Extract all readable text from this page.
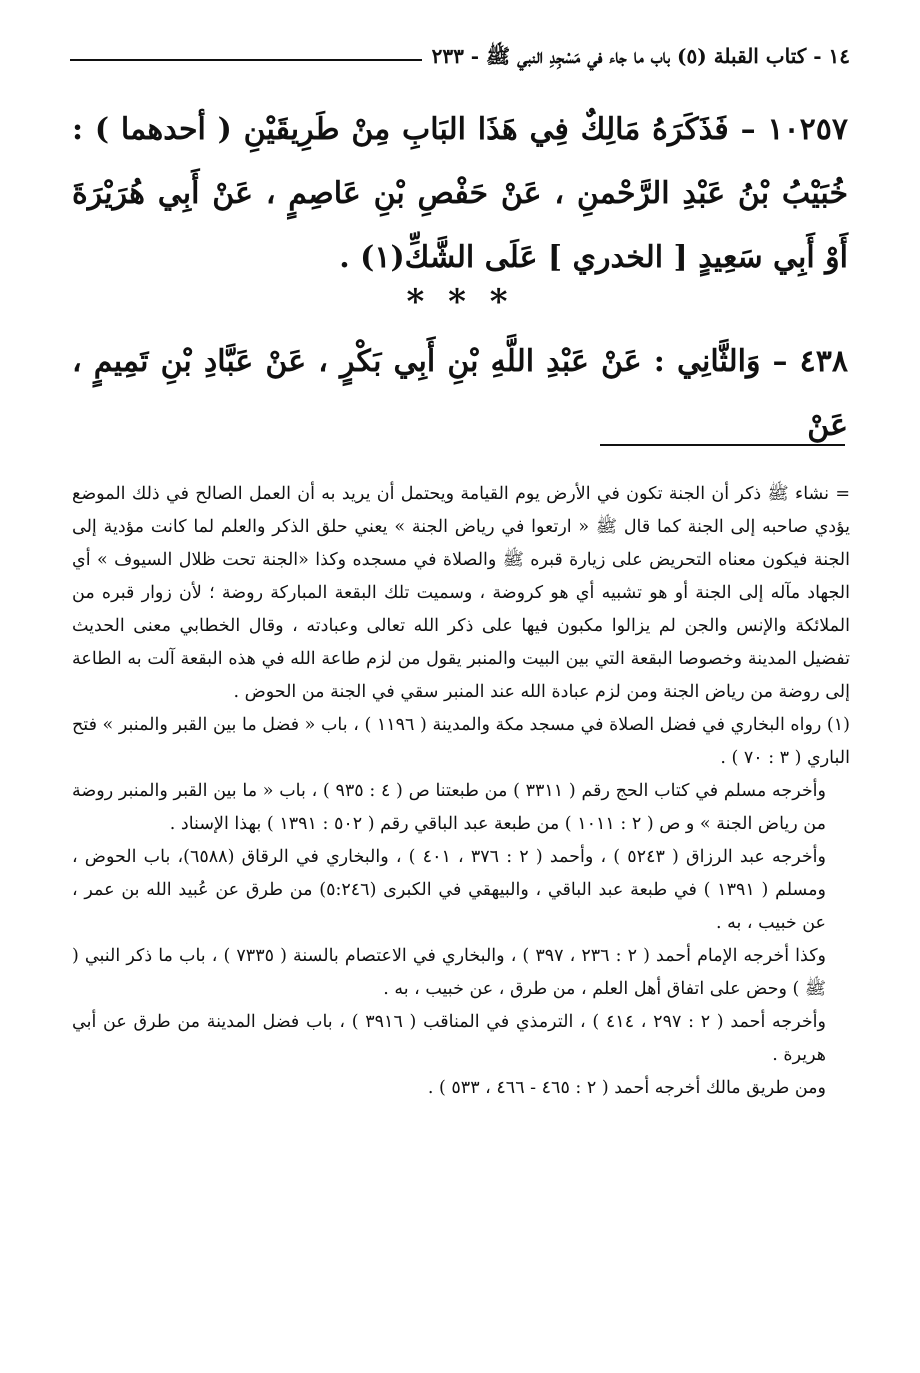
١٤ - كتاب القبلة (٥) باب ما جاء في مَسْجِدِ النبي ﷺ - ٢٣٣
١٠٢٥٧ – فَذَكَرَهُ مَالِكٌ فِي هَذَا البَابِ مِنْ طَرِيقَيْنِ ( أحدهما ) : خُبَيْبُ بْنُ عَبْدِ الرَّحْمنِ ، عَنْ حَفْصِ بْنِ عَاصِمٍ ، عَنْ أَبِي هُرَيْرَةَ أَوْ أَبِي سَعِيدٍ [ الخدري ] عَلَى الشَّكِّ(١) .
* * *
٤٣٨ – وَالثَّانِي : عَنْ عَبْدِ اللَّهِ بْنِ أَبِي بَكْرٍ ، عَنْ عَبَّادِ بْنِ تَمِيمٍ ، عَنْ

= نشاء ﷺ ذكر أن الجنة تكون في الأرض يوم القيامة ويحتمل أن يريد به أن العمل الصالح في ذلك الموضع يؤدي صاحبه إلى الجنة كما قال ﷺ « ارتعوا في رياض الجنة » يعني حلق الذكر والعلم لما كانت مؤدية إلى الجنة فيكون معناه التحريض على زيارة قبره ﷺ والصلاة في مسجده وكذا «الجنة تحت ظلال السيوف » أي الجهاد مآله إلى الجنة أو هو تشبيه أي هو كروضة ، وسميت تلك البقعة المباركة روضة ؛ لأن زوار قبره من الملائكة والإنس والجن لم يزالوا مكبون فيها على ذكر الله تعالى وعبادته ، وقال الخطابي معنى الحديث تفضيل المدينة وخصوصا البقعة التي بين البيت والمنبر يقول من لزم طاعة الله في هذه البقعة آلت به الطاعة إلى روضة من رياض الجنة ومن لزم عبادة الله عند المنبر سقي في الجنة من الحوض .

(١) رواه البخاري في فضل الصلاة في مسجد مكة والمدينة ( ١١٩٦ ) ، باب « فضل ما بين القبر والمنبر » فتح الباري ( ٣ : ٧٠ ) .

وأخرجه مسلم في كتاب الحج رقم ( ٣٣١١ ) من طبعتنا ص ( ٤ : ٩٣٥ ) ، باب « ما بين القبر والمنبر روضة من رياض الجنة » و ص ( ٢ : ١٠١١ ) من طبعة عبد الباقي رقم ( ٥٠٢ : ١٣٩١ ) بهذا الإسناد .

وأخرجه عبد الرزاق ( ٥٢٤٣ ) ، وأحمد ( ٢ : ٣٧٦ ، ٤٠١ ) ، والبخاري في الرقاق (٦٥٨٨)، باب الحوض ، ومسلم ( ١٣٩١ ) في طبعة عبد الباقي ، والبيهقي في الكبرى (٥:٢٤٦) من طرق عن عُبيد الله بن عمر ، عن خبيب ، به .

وكذا أخرجه الإمام أحمد ( ٢ : ٢٣٦ ، ٣٩٧ ) ، والبخاري في الاعتصام بالسنة ( ٧٣٣٥ ) ، باب ما ذكر النبي ( ﷺ ) وحض على اتفاق أهل العلم ، من طرق ، عن خبيب ، به .

وأخرجه أحمد ( ٢ : ٢٩٧ ، ٤١٤ ) ، الترمذي في المناقب ( ٣٩١٦ ) ، باب فضل المدينة من طرق عن أبي هريرة .

ومن طريق مالك أخرجه أحمد ( ٢ : ٤٦٥ - ٤٦٦ ، ٥٣٣ ) .
